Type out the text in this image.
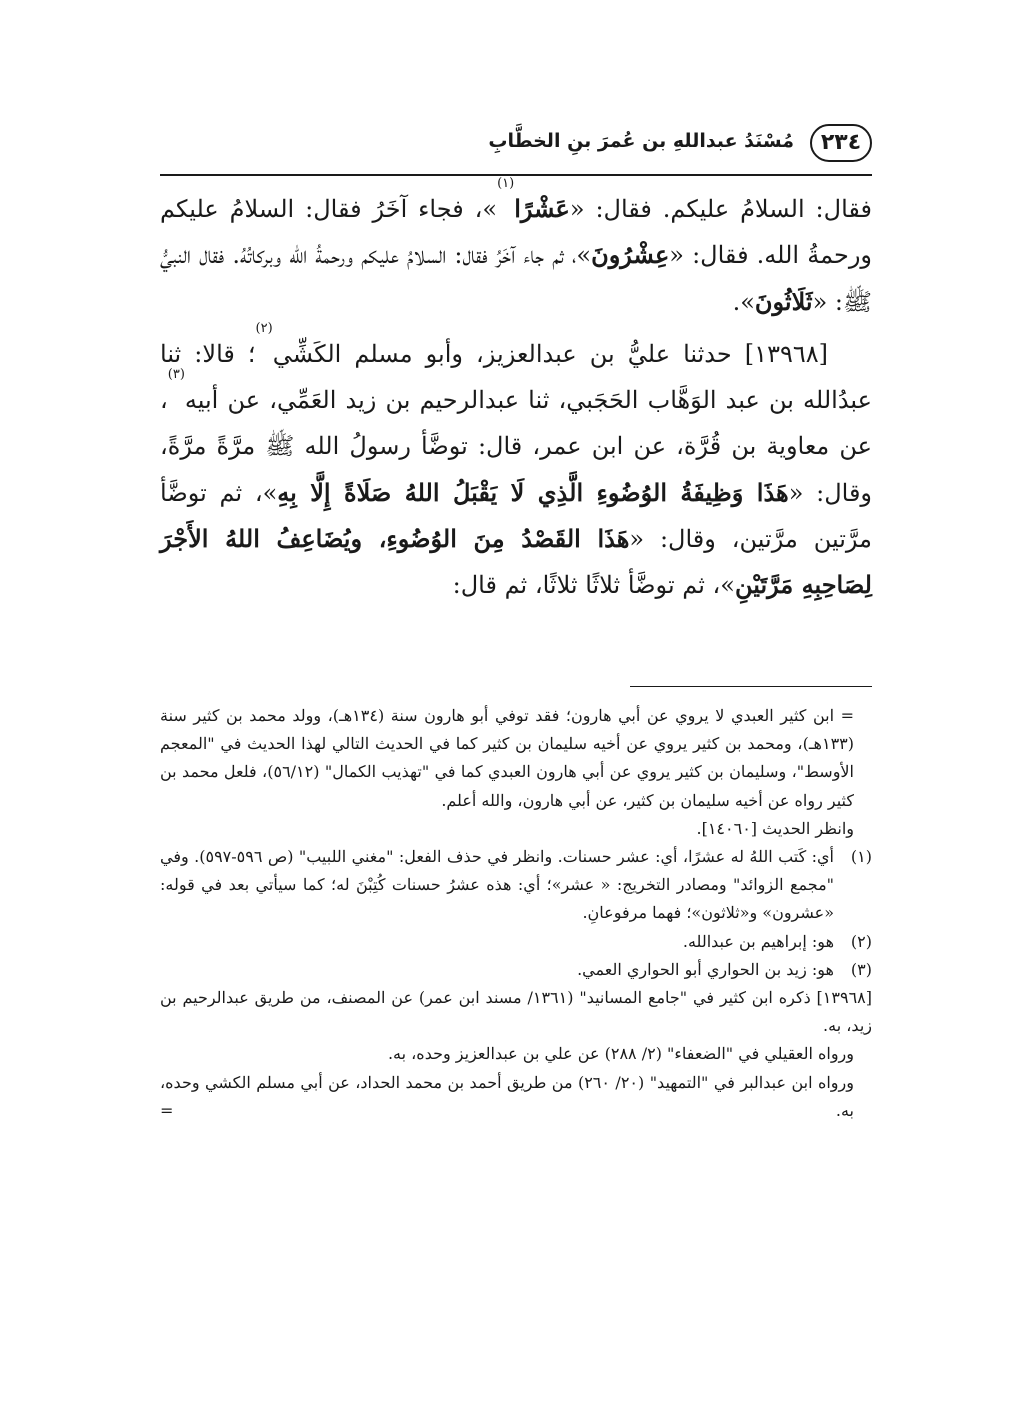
٢٣٤
مُسْنَدُ عبداللهِ بن عُمرَ بنِ الخطَّابِ

فقال: السلامُ عليكم. فقال: «عَشْرًا$^{(١)}$»، فجاء آخَرُ فقال: السلامُ عليكم ورحمةُ الله. فقال: «عِشْرُونَ»، ثم جاء آخَرُ فقال: السلامُ عليكم ورحمةُ الله وبركاتُهُ. فقال النبيُّ ﷺ: «ثَلَاثُونَ».

[١٣٩٦٨] حدثنا عليُّ بن عبدالعزيز، وأبو مسلم الكَشِّي$^{(٢)}$؛ قالا: ثنا عبدُالله بن عبد الوَهَّاب الحَجَبي، ثنا عبدالرحيم بن زيد العَمِّي، عن أبيه$^{(٣)}$، عن معاوية بن قُرَّة، عن ابن عمر، قال: توضَّأ رسولُ الله ﷺ مرَّةً مرَّةً، وقال: «هَذَا وَظِيفَةُ الوُضُوءِ الَّذِي لَا يَقْبَلُ اللهُ صَلَاةً إِلَّا بِهِ»، ثم توضَّأ مرَّتين مرَّتين، وقال: «هَذَا القَصْدُ مِنَ الوُضُوءِ، ويُضَاعِفُ اللهُ الأَجْرَ لِصَاحِبِهِ مَرَّتَيْنِ»، ثم توضَّأ ثلاثًا ثلاثًا، ثم قال:

= ابن كثير العبدي لا يروي عن أبي هارون؛ فقد توفي أبو هارون سنة (١٣٤هـ)، وولد محمد بن كثير سنة (١٣٣هـ)، ومحمد بن كثير يروي عن أخيه سليمان بن كثير كما في الحديث التالي لهذا الحديث في "المعجم الأوسط"، وسليمان بن كثير يروي عن أبي هارون العبدي كما في "تهذيب الكمال" (٥٦/١٢)، فلعل محمد بن كثير رواه عن أخيه سليمان بن كثير، عن أبي هارون، والله أعلم.
وانظر الحديث [١٤٠٦٠].
(١)
أي: كَتب اللهُ له عشرًا، أي: عشر حسنات. وانظر في حذف الفعل: "مغني اللبيب" (ص ٥٩٦-٥٩٧). وفي "مجمع الزوائد" ومصادر التخريج: « عشر»؛ أي: هذه عشرُ حسنات كُتِبْنَ له؛ كما سيأتي بعد في قوله: «عشرون» و«ثلاثون»؛ فهما مرفوعانِ.
(٢)
هو: إبراهيم بن عبدالله.
(٣)
هو: زيد بن الحواري أبو الحواري العمي.
[١٣٩٦٨] ذكره ابن كثير في "جامع المسانيد" (١٣٦١/ مسند ابن عمر) عن المصنف، من طريق عبدالرحيم بن زيد، به.
ورواه العقيلي في "الضعفاء" (٢/ ٢٨٨) عن علي بن عبدالعزيز وحده، به.
ورواه ابن عبدالبر في "التمهيد" (٢٠/ ٢٦٠) من طريق أحمد بن محمد الحداد، عن أبي مسلم الكشي وحده، به.
=
